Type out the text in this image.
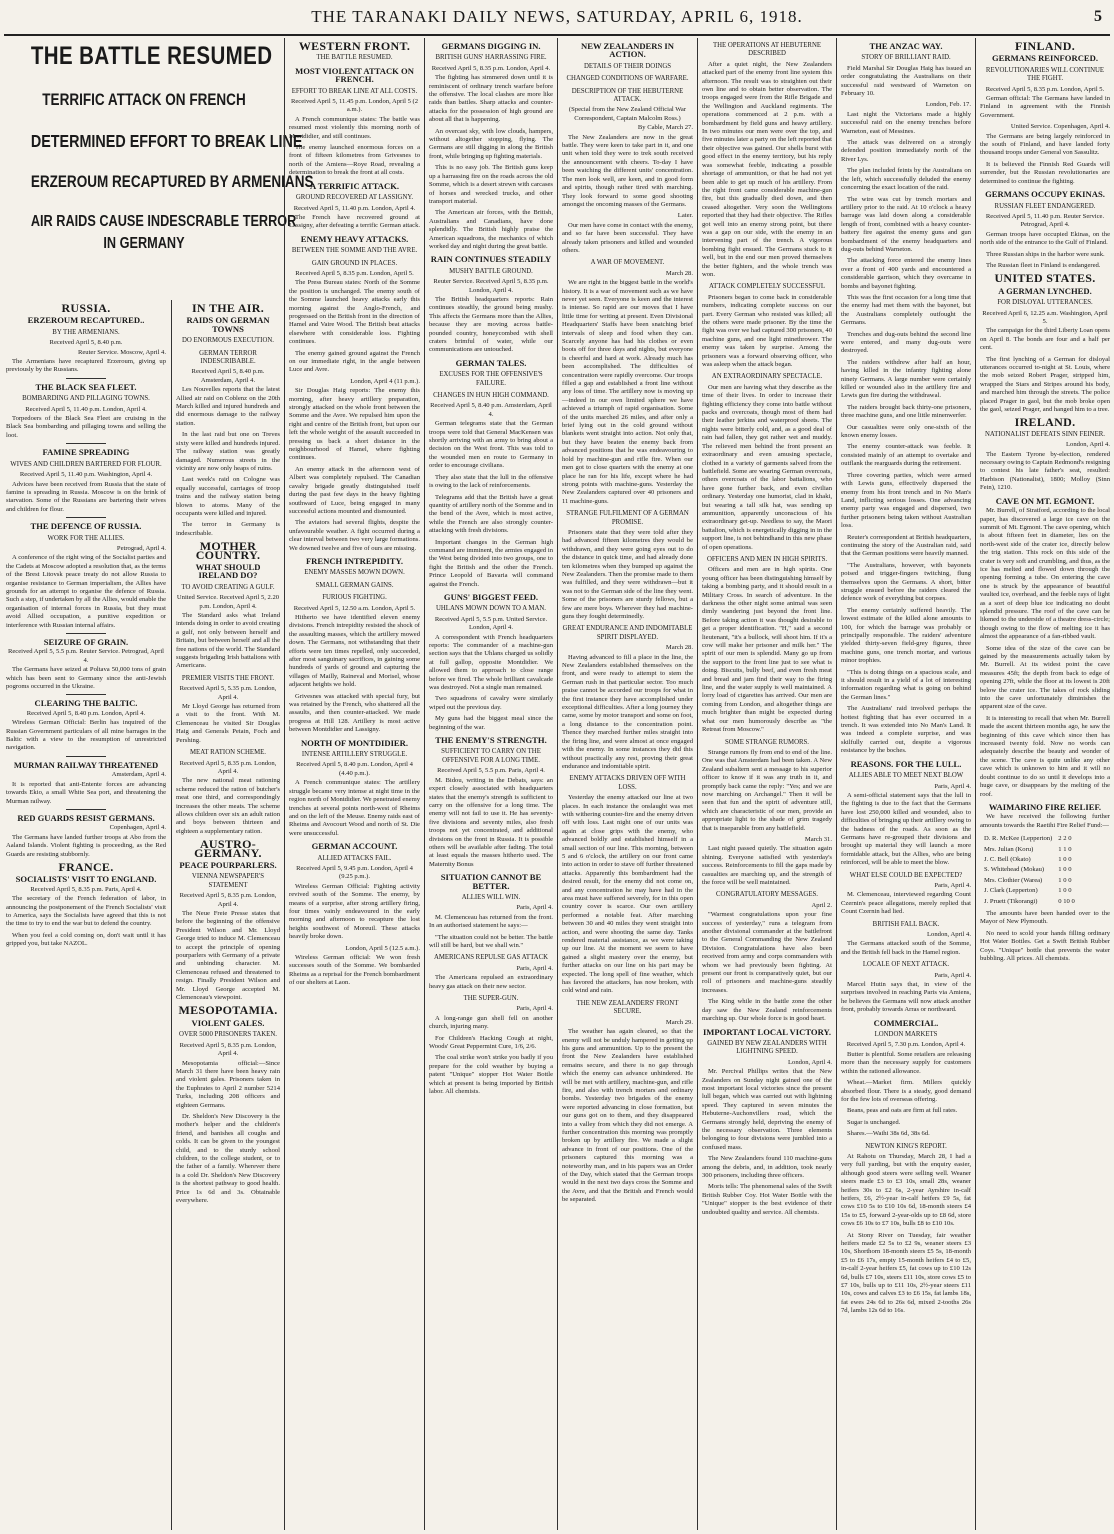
THE TARANAKI DAILY NEWS, SATURDAY, APRIL 6, 1918.	5
THE BATTLE RESUMED
TERRIFIC ATTACK ON FRENCH
DETERMINED EFFORT TO BREAK LINE
ERZEROUM RECAPTURED BY ARMENIANS
AIR RAIDS CAUSE INDESCRABLE TERROR
IN GERMANY
RUSSIA.
ERZEROUM RECAPTURED..
BY THE ARMENIANS.
Received April 5, 8.40 p.m.
Reuter Service. Moscow, April 4.

The Armenians have recaptured Erzeroum, giving up previously by the Russians.

THE BLACK SEA FLEET.
BOMBARDING AND PILLAGING TOWNS.
Received April 5, 11.40 p.m. London, April 4.

Torpedoers of the Black Sea Fleet are cruising in the Black Sea bombarding and pillaging towns and selling the loot.

FAMINE SPREADING
WIVES AND CHILDREN BARTERED FOR FLOUR.
Received April 5, 11.40 p.m. Washington, April 4.

Advices have been received from Russia that the state of famine is spreading in Russia. Moscow is on the brink of starvation. Some of the Russians are bartering their wives and children for flour.

THE DEFENCE OF RUSSIA.
WORK FOR THE ALLIES.
Petrograd, April 4.

A conference of the right wing of the Socialist parties and the Cadets at Moscow adopted a resolution that, as the terms of the Brest Litovsk peace treaty do not allow Russia to organise resistance to German imperialism, the Allies have grounds for an attempt to organise the defence of Russia. Such a step, if undertaken by all the Allies, would enable the organisation of internal forces in Russia, but they must avoid Allied occupation, a punitive expedition or interference with Russian internal affairs.

SEIZURE OF GRAIN.
Received April 5, 5.5 p.m. Reuter Service. Petrograd, April 4.

The Germans have seized at Poltava 50,000 tons of grain which has been sent to Germany since the anti-Jewish pogroms occurred in the Ukraine.

CLEARING THE BALTIC.
Received April 5, 8.40 p.m. London, April 4.

Wireless German Official: Berlin has inquired of the Russian Government particulars of all mine barrages in the Baltic with a view to the resumption of unrestricted navigation.

MURMAN RAILWAY THREATENED
Amsterdam, April 4.

It is reported that anti-Entente forces are advancing towards Ekio, a small White Sea port, and threatening the Murman railway.

RED GUARDS RESIST GERMANS.
Copenhagen, April 4.

The Germans have landed further troops at Abo from the Aaland Islands. Violent fighting is proceeding, as the Red Guards are resisting stubbornly.

FRANCE.
SOCIALISTS' VISIT TO ENGLAND.
Received April 5, 8.35 p.m. Paris, April 4.

The secretary of the French federation of labor, in announcing the postponement of the French Socialists' visit to America, says the Socialists have agreed that this is not the time to try to end the war but to defend the country.

When you feel a cold coming on, don't wait until it has gripped you, but take NAZOL.

IN THE AIR.
RAIDS ON GERMAN TOWNS
DO ENORMOUS EXECUTION.
GERMAN TERROR INDESCRIBABLE.
Received April 5, 8.40 p.m. Amsterdam, April 4.

Les Nouvelles reports that the latest Allied air raid on Coblenz on the 20th March killed and injured hundreds and did enormous damage to the railway station.

In the last raid but one on Treves sixty were killed and hundreds injured. The railway station was greatly damaged. Numerous streets in the vicinity are now only heaps of ruins.

Last week's raid on Cologne was equally successful, carriages of troop trains and the railway station being blown to atoms. Many of the occupants were killed and injured.

The terror in Germany is indescribable.

MOTHER COUNTRY.
WHAT SHOULD IRELAND DO?
TO AVOID CREATING A GULF.
United Service. Received April 5, 2.20 p.m. London, April 4.

The Standard asks what Ireland intends doing in order to avoid creating a gulf, not only between herself and Britain, but between herself and all the free nations of the world. The Standard suggests brigading Irish battalions with Americans.

PREMIER VISITS THE FRONT.
Received April 5, 5.35 p.m. London, April 4.

Mr Lloyd George has returned from a visit to the front. With M. Clemenceau he visited Sir Douglas Haig and Generals Petain, Foch and Pershing.

MEAT RATION SCHEME.
Received April 5, 8.35 p.m. London, April 4.

The new national meat rationing scheme reduced the ration of butcher's meat one third, and correspondingly increases the other meats. The scheme allows children over six an adult ration and boys between thirteen and eighteen a supplementary ration.

AUSTRO-GERMANY.
PEACE POURPARLERS.
VIENNA NEWSPAPER'S STATEMENT
Received April 5, 8.35 p.m. London, April 4.

The Neue Freie Presse states that before the beginning of the offensive President Wilson and Mr. Lloyd George tried to induce M. Clemenceau to accept the principle of opening pourparlers with Germany of a private and unbinding character. M. Clemenceau refused and threatened to resign. Finally President Wilson and Mr. Lloyd George accepted M. Clemenceau's viewpoint.

MESOPOTAMIA.
VIOLENT GALES.
OVER 5000 PRISONERS TAKEN.
Received April 5, 8.35 p.m. London, April 4.

Mesopotamia official:—Since March 31 there have been heavy rain and violent gales. Prisoners taken in the Euphrates to April 2 number 5214 Turks, including 208 officers and eighteen Germans.

Dr. Sheldon's New Discovery is the mother's helper and the children's friend, and banishes all coughs and colds. It can be given to the youngest child, and to the sturdy school children, to the college student, or to the father of a family. Wherever there is a cold Dr. Sheldon's New Discovery is the shortest pathway to good health. Price 1s 6d and 3s. Obtainable everywhere.

WESTERN FRONT.
THE BATTLE RESUMED.
MOST VIOLENT ATTACK ON FRENCH.
EFFORT TO BREAK LINE AT ALL COSTS.
Received April 5, 11.45 p.m. London, April 5 (2 a.m.).

A French communique states: The battle was resumed most violently this morning north of Montdidier, and still continues.

The enemy launched enormous forces on a front of fifteen kilometres from Grivesnes to north of the Amiens—Roye Road, revealing a determination to break the front at all costs.

A TERRIFIC ATTACK.
GROUND RECOVERED AT LASSIGNY.
Received April 5, 11.40 p.m. London, April 4.

The French have recovered ground at Lassigny, after defeating a terrific German attack.

ENEMY HEAVY ATTACKS.
BETWEEN THE SOMME AND THE AVRE.
GAIN GROUND IN PLACES.
Received April 5, 8.35 p.m. London, April 5.

The Press Bureau states: North of the Somme the position is unchanged. The enemy south of the Somme launched heavy attacks early this morning against the Anglo-French, and progressed on the British front in the direction of Hamel and Vaire Wood. The British beat attacks elsewhere with considerable loss. Fighting continues.

The enemy gained ground against the French on our immediate right, in the angle between Luce and Avre.

London, April 4 (11 p.m.).

Sir Douglas Haig reports: The enemy this morning, after heavy artillery preparation, strongly attacked on the whole front between the Somme and the Avre. We repulsed him upon the right and centre of the British front, but upon our left the whole weight of the assault succeeded in pressing us back a short distance in the neighbourhood of Hamel, where fighting continues.

An enemy attack in the afternoon west of Albert was completely repulsed. The Canadian cavalry brigade greatly distinguished itself during the past few days in the heavy fighting southward of Luce, being engaged in many successful actions mounted and dismounted.

The aviators had several flights, despite the unfavourable weather. A fight occurred during a clear interval between two very large formations. We downed twelve and five of ours are missing.

FRENCH INTREPIDITY.
ENEMY MASSES MOWN DOWN.
SMALL GERMAN GAINS.
FURIOUS FIGHTING.
Received April 5, 12.50 a.m. London, April 5.

Hitherto we have identified eleven enemy divisions. French intrepidity resisted the shock of the assaulting masses, which the artillery mowed down. The Germans, not withstanding that their efforts were ten times repelled, only succeeded, after most sanguinary sacrifices, in gaining some hundreds of yards of ground and capturing the villages of Mailly, Raineval and Morisel, whose adjacent heights we hold.

Grivesnes was attacked with special fury, but was retained by the French, who shattered all the assaults, and then counter-attacked. We made progress at Hill 128. Artillery is most active between Montdidier and Lassigny.

NORTH OF MONTDIDIER.
INTENSE ARTILLERY STRUGGLE.
Received April 5, 8.40 p.m. London, April 4 (4.40 p.m.).

A French communique states: The artillery struggle became very intense at night time in the region north of Montdidier. We penetrated enemy trenches at several points north-west of Rheims and on the left of the Meuse. Enemy raids east of Rheims and Avocourt Wood and north of St. Die were unsuccessful.

GERMAN ACCOUNT.
ALLIED ATTACKS FAIL.
Received April 5, 9.45 p.m. London, April 4 (9.25 p.m.).

Wireless German Official: Fighting activity revived south of the Somme. The enemy, by means of a surprise, after strong artillery firing, four times vainly endeavoured in the early morning and afternoon to recapture the lost heights southwest of Moreuil. These attacks heavily broke down.

London, April 5 (12.5 a.m.).

Wireless German official: We won fresh successes south of the Somme. We bombarded Rheims as a reprisal for the French bombardment of our shelters at Laon.

GERMANS DIGGING IN.
BRITISH GUNS' HARRASSING FIRE.
Received April 5, 8.35 p.m. London, April 4.

The fighting has simmered down until it is reminiscent of ordinary trench warfare before the offensive. The local clashes are more like raids than battles. Sharp attacks and counter-attacks for the possession of high ground are about all that is happening.

An overcast sky, with low clouds, hampers, without altogether stopping, flying. The Germans are still digging in along the British front, while bringing up fighting materials.

This is no easy job. The British guns keep up a harrassing fire on the roads across the old Somme, which is a desert strewn with carcases of horses and wrecked trucks, and other transport material.

The American air forces, with the British, Australians and Canadians, have done splendidly. The British highly praise the American squadrons, the mechanics of which worked day and night during the great battle.

RAIN CONTINUES STEADILY
MUSHY BATTLE GROUND.
Reuter Service. Received April 5, 8.35 p.m. London, April 4.

The British headquarters reports: Rain continues steadily, the ground being mushy. This affects the Germans more than the Allies, because they are moving across battle-pounded country, honeycombed with shell craters brimful of water, while our communications are untouched.

GERMAN TALES.
EXCUSES FOR THE OFFENSIVE'S FAILURE.
CHANGES IN HUN HIGH COMMAND.
Received April 5, 8.40 p.m. Amsterdam, April 4.

German telegrams state that the German troops were told that General MacKensen was shortly arriving with an army to bring about a decision on the West front. This was told to the wounded men en route to Germany in order to encourage civilians.

They also state that the lull in the offensive is owing to the lack of reinforcements.

Telegrams add that the British have a great quantity of artillery north of the Somme and in the bend of the Avre, which is most active, while the French are also strongly counter-attacking with fresh divisions.

Important changes in the German high command are imminent, the armies engaged in the West being divided into two groups, one to fight the British and the other the French. Prince Leopold of Bavaria will command against the French.

GUNS' BIGGEST FEED.
UHLANS MOWN DOWN TO A MAN.
Received April 5, 5.5 p.m. United Service. London, April 4.

A correspondent with French headquarters reports: The commander of a machine-gun section says that the Uhlans charged us solidly at full gallop, opposite Montdidier. We allowed them to approach to close range before we fired. The whole brilliant cavalcade was destroyed. Not a single man remained.

Two squadrons of cavalry were similarly wiped out the previous day.

My guns had the biggest meal since the beginning of the war.

THE ENEMY'S STRENGTH.
SUFFICIENT TO CARRY ON THE OFFENSIVE FOR A LONG TIME.
Received April 5, 5.5 p.m. Paris, April 4.

M. Bidou, writing in the Debats, says: an expert closely associated with headquarters states that the enemy's strength is sufficient to carry on the offensive for a long time. The enemy will not fail to use it. He has seventy-five divisions and seventy miles, also fresh troops not yet concentrated, and additional divisions on the front in Russia. It is possible others will be available after fading. The total at least equals the masses hitherto used. The Maternity Bonus

SITUATION CANNOT BE BETTER.
ALLIES WILL WIN.
Paris, April 4.

M. Clemenceau has returned from the front. In an authorised statement he says:—

"The situation could not be better. The battle will still be hard, but we shall win."

AMERICANS REPULSE GAS ATTACK
Paris, April 4.

The Americans repulsed an extraordinary heavy gas attack on their new sector.

THE SUPER-GUN.
Paris, April 4.

A long-range gun shell fell on another church, injuring many.

For Children's Hacking Cough at night, Woods' Great Peppermint Cure, 1/6, 2/6.

The coal strike won't strike you badly if you prepare for the cold weather by buying a patent "Unique" stopper Hot Water Bottle which at present is being imported by British labor. All chemists.

NEW ZEALANDERS IN ACTION.
DETAILS OF THEIR DOINGS
CHANGED CONDITIONS OF WARFARE.
DESCRIPTION OF THE HEBUTERNE ATTACK.
(Special from the New Zealand Official War Correspondent, Captain Malcolm Ross.)
By Cable, March 27.

The New Zealanders are now in the great battle. They were keen to take part in it, and one unit when told they were to trek south received the announcement with cheers. To-day I have been watching the different units' concentration. The men look well, are keen, and in good form and spirits, though rather tired with marching. They look forward to some good shooting amongst the oncoming masses of the Germans.

Later.

Our men have come in contact with the enemy, and so far have been successful. They have already taken prisoners and killed and wounded others.

A WAR OF MOVEMENT.
March 28.

We are right in the biggest battle in the world's history. It is a war of movement such as we have never yet seen. Everyone is keen and the interest is intense. So rapid are our moves that I have little time for writing at present. Even Divisional Headquarters' Staffs have been snatching brief intervals of sleep and food when they can. Scarcely anyone has had his clothes or even boots off for three days and nights, but everyone is cheerful and hard at work. Already much has been accomplished. The difficulties of concentration were rapidly overcome. Our troops filled a gap and established a front line without any loss of time. The artillery now is moving up—indeed in our own limited sphere we have achieved a triumph of rapid organisation. Some of the units marched 26 miles, and after only a brief lying out in the cold ground without blankets went straight into action. Not only that, but they have beaten the enemy back from advanced positions that he was endeavouring to hold by machine-gun and rifle fire. When our men got to close quarters with the enemy at one place he ran for his life, except where he had strong points with machine-guns. Yesterday the New Zealanders captured over 40 prisoners and 11 machine-guns.

STRANGE FULFILMENT OF A GERMAN PROMISE.

Prisoners state that they were told after they had advanced fifteen kilometres they would be withdrawn, and they were going eyes out to do the distance in quick time, and had already done ten kilometres when they bumped up against the New Zealanders. Then the promise made to them was fulfilled, and they were withdrawn—but it was not to the German side of the line they went. Some of the prisoners are sturdy fellows, but a few are mere boys. Wherever they had machine-guns they fought determinedly.

GREAT ENDURANCE AND INDOMITABLE SPIRIT DISPLAYED.
March 28.

Having advanced to fill a place in the line, the New Zealanders established themselves on the front, and were ready to attempt to stem the German rush in that particular sector. Too much praise cannot be accorded our troops for what in the first instance they have accomplished under exceptional difficulties. After a long journey they came, some by motor transport and some on foot, a long distance to the concentration point. Thence they marched further miles straight into the firing line, and were almost at once engaged with the enemy. In some instances they did this without practically any rest, proving their great endurance and indomitable spirit.

ENEMY ATTACKS DRIVEN OFF WITH LOSS.

Yesterday the enemy attacked our line at two places. In each instance the onslaught was met with withering counter-fire and the enemy driven off with loss. Last night one of our units was again at close grips with the enemy, who advanced boldly and established himself in a small section of our line. This morning, between 5 and 6 o'clock, the artillery on our front came into action in order to stave off further threatened attacks. Apparently this bombardment had the desired result, for the enemy did not come on, and any concentration he may have had in the area must have suffered severely, for in this open country cover is scarce. Our own artillery performed a notable feat. After marching between 30 and 40 miles they went straight into action, and were shooting the same day. Tanks rendered material assistance, as we were taking up our line. At the moment we seem to have gained a slight mastery over the enemy, but further attacks on our line on his part may be expected. The long spell of fine weather, which has favored the attackers, has now broken, with cold wind and rain.

THE NEW ZEALANDERS' FRONT SECURE.
March 29.

The weather has again cleared, so that the enemy will not be unduly hampered in getting up his guns and ammunition. Up to the present the front the New Zealanders have established remains secure, and there is no gap through which the enemy can advance unhindered. He will be met with artillery, machine-gun, and rifle fire, and also with trench mortars and ordinary bombs. Yesterday two brigades of the enemy were reported advancing in close formation, but our guns got on to them, and they disappeared into a valley from which they did not emerge. A further concentration this morning was promptly broken up by artillery fire. We made a slight advance in front of our positions. One of the prisoners captured this morning was a noteworthy man, and in his papers was an Order of the Day, which stated that the German troops would in the next two days cross the Somme and the Avre, and that the British and French would be separated.

THE OPERATIONS AT HEBUTERNE DESCRIBED

After a quiet night, the New Zealanders attacked part of the enemy front line system this afternoon. The result was to straighten out their own line and to obtain better observation. The troops engaged were from the Rifle Brigade and the Wellington and Auckland regiments. The operations commenced at 2 p.m. with a bombardment by field guns and heavy artillery. In two minutes our men were over the top, and five minutes later a party on the left reported that their objective was gained. Our shells burst with good effect in the enemy territory, but his reply was somewhat feeble, indicating a possible shortage of ammunition, or that he had not yet been able to get up much of his artillery. From the right front came considerable machine-gun fire, but this gradually died down, and then ceased altogether. Very soon the Wellingtons reported that they had their objective. The Rifles got well into an enemy strong point, but there was a gap on our side, with the enemy in an intervening part of the trench. A vigorous bombing fight ensued. The Germans stuck to it well, but in the end our men proved themselves the better fighters, and the whole trench was won.

ATTACK COMPLETELY SUCCESSFUL

Prisoners began to come back in considerable numbers, indicating complete success on our part. Every German who resisted was killed; all the others were made prisoner. By the time the fight was over we had captured 300 prisoners, 40 machine guns, and one light minethrower. The enemy was taken by surprise. Among the prisoners was a forward observing officer, who was asleep when the attack began.

AN EXTRAORDINARY SPECTACLE.

Our men are having what they describe as the time of their lives. In order to increase their fighting efficiency they come into battle without packs and overcoats, though most of them had their leather jerkins and waterproof sheets. The nights were bitterly cold, and, as a good deal of rain had fallen, they got rather wet and muddy. The relieved men behind the front present an extraordinary and even amusing spectacle, clothed in a variety of garments salved from the battlefield. Some are wearing German overcoats, others overcoats of the labor battalions, who have gone further back, and even civilian ordinary. Yesterday one humorist, clad in khaki, but wearing a tall silk hat, was sending up ammunition, apparently unconscious of his extraordinary get-up. Needless to say, the Maori battalion, which is energetically digging in in the support line, is not behindhand in this new phase of open operations.

OFFICERS AND MEN IN HIGH SPIRITS.

Officers and men are in high spirits. One young officer has been distinguishing himself by taking a bombing party, and it should result in a Military Cross. In search of adventure. In the darkness the other night some animal was seen dimly wandering just beyond the front line. Before taking action it was thought desirable to get a proper identification. "H," said a second lieutenant, "it's a bullock, will shoot him. If it's a cow will make her prisoner and milk her." The spirit of our men is splendid. Many go up from the support to the front line just to see what is doing. Biscuits, bully beef, and even fresh meat and bread and jam find their way to the firing line, and the water supply is well maintained. A lorry load of cigarettes has arrived. Our men are coming from London, and altogether things are much brighter than might be expected during what our men humorously describe as "the Retreat from Moscow."

SOME STRANGE RUMORS.

Strange rumors fly from end to end of the line. One was that Amsterdam had been taken. A New Zealand subaltern sent a message to his superior officer to know if it was any truth in it, and promptly back came the reply: "Yes; and we are now marching on Archangel." Then it will be seen that fun and the spirit of adventure still, which are characteristic of our men, provide an appropriate light to the shade of grim tragedy that is inseparable from any battlefield.

March 31.

Last night passed quietly. The situation again shining. Everyone satisfied with yesterday's success. Reinforcements to fill the gaps made by casualties are marching up, and the strength of the force will be well maintained.

CONGRATULATORY MESSAGES.
April 2.

"Warmest congratulations upon your fine success of yesterday," runs a telegram from another divisional commander at the battlefront to the General Commanding the New Zealand Division. Congratulations have also been received from army and corps commanders with whom we had previously been fighting. At present our front is comparatively quiet, but our roll of prisoners and machine-guns steadily increases.

The King while in the battle zone the other day saw the New Zealand reinforcements marching up. Our whole force is in good heart.

IMPORTANT LOCAL VICTORY.
GAINED BY NEW ZEALANDERS WITH LIGHTNING SPEED.
London, April 4.

Mr. Percival Phillips writes that the New Zealanders on Sunday night gained one of the most important local victories since the present lull began, which was carried out with lightning speed. They captured in seven minutes the Hebuterne-Auchonvillers road, which the Germans strongly held, depriving the enemy of the necessary observation. Three elements belonging to four divisions were jumbled into a confused mass.

The New Zealanders found 110 machine-guns among the debris, and, in addition, took nearly 300 prisoners, including three officers.

Moris tells: The phenomenal sales of the Swift British Rubber Coy. Hot Water Bottle with the "Unique" stopper is the best evidence of their undoubted quality and service. All chemists.

THE ANZAC WAY.
STORY OF BRILLIANT RAID.

Field Marshal Sir Douglas Haig has issued an order congratulating the Australians on their successful raid westward of Warneton on February 10.

London, Feb. 17.

Last night the Victorians made a highly successful raid on the enemy trenches before Warneton, east of Messines.

The attack was delivered on a strongly defended position immediately north of the River Lys.

The plan included feints by the Australians on the left, which successfully deluded the enemy concerning the exact location of the raid.

The wire was cut by trench mortars and artillery prior to the raid. At 10 o'clock a heavy barrage was laid down along a considerable length of front, combined with a heavy counter-battery fire against the enemy guns and gun bombardment of the enemy headquarters and dug-outs behind Warneton.

The attacking force entered the enemy lines over a front of 400 yards and encountered a considerable garrison, which they overcame in bombs and bayonet fighting.

This was the first occasion for a long time that the enemy had met them with the bayonet, but the Australians completely outfought the Germans.

Trenches and dug-outs behind the second line were entered, and many dug-outs were destroyed.

The raiders withdrew after half an hour, having killed in the infantry fighting alone ninety Germans. A large number were certainly killed or wounded also in the artillery fire and Lewis gun fire during the withdrawal.

The raiders brought back thirty-one prisoners, three machine guns, and one little minenwerfer.

Our casualties were only one-sixth of the known enemy losses.

The enemy counter-attack was feeble. It consisted mainly of an attempt to overtake and outflank the rearguards during the retirement.

Three covering parties, which were armed with Lewis guns, effectively dispersed the enemy from his front trench and in No Man's Land, inflicting serious losses. One advancing enemy party was engaged and dispersed, two further prisoners being taken without Australian loss.

Reuter's correspondent at British headquarters, continuing the story of the Australian raid, said that the German positions were heavily manned.

"The Australians, however, with bayonets poised and trigger-fingers twitching, flung themselves upon the Germans. A short, bitter struggle ensued before the raiders cleared the defence work of everything but corpses.

The enemy certainly suffered heavily. The lowest estimate of the killed alone amounts to 100, for which the barrage was probably or principally responsible. The raiders' adventure yielded thirty-seven field-grey figures, three machine guns, one trench mortar, and various minor trophies.

"This is doing things on a spacious scale, and it should result in a yield of a lot of interesting information regarding what is going on behind the German lines."

The Australians' raid involved perhaps the hottest fighting that has ever occurred in a trench. It was extended into No Man's Land. It was indeed a complete surprise, and was skilfully carried out, despite a vigorous resistance by the boches.

REASONS. FOR THE LULL.
ALLIES ABLE TO MEET NEXT BLOW
Paris, April 4.

A semi-official statement says that the lull in the fighting is due to the fact that the Germans have lost 250,000 killed and wounded, also to difficulties of bringing up their artillery owing to the badness of the roads. As soon as the Germans have re-grouped their divisions and brought up material they will launch a more formidable attack, but the Allies, who are being reinforced, will be able to meet the blow.

WHAT ELSE COULD BE EXPECTED?
Paris, April 4.

M. Clemenceau, interviewed regarding Count Czernin's peace allegations, merely replied that Count Czernin had lied.

BRITISH FALL BACK.
London, April 4.

The Germans attacked south of the Somme, and the British fell back in the Hamel region.

LOCALE OF NEXT ATTACK.
Paris, April 4.

Marcel Hutin says that, in view of the surprises involved in reaching Paris via Amiens, he believes the Germans will now attack another front, probably towards Arras or northward.

COMMERCIAL.
LONDON MARKETS
Received April 5, 7.30 p.m. London, April 4.

Butter is plentiful. Some retailers are releasing more than the necessary supply for customers within the rationed allowance.

Wheat.—Market firm. Millers quickly absorbed flour. There is a steady, good demand for the few lots of overseas offering.

Beans, peas and oats are firm at full rates.

Sugar is unchanged.

Shares.—Waihi 38s 6d, 38s 6d.

NEWTON KING'S REPORT.

At Rahotu on Thursday, March 28, I had a very full yarding, but with the enquiry easier, although good steers were selling well. Weaner steers made £3 to £3 10s, small 28s, weaner heifers 30s to £2 6s, 2-year Ayrshire in-calf heifers, £6, 2½-year in-calf heifers £9 5s, fat cows £10 5s to £10 10s 6d, 18-month steers £4 15s to £5, forward 2-year-olds up to £8 6d, store cows £6 10s to £7 10s, bulls £8 to £10 10s.

At Stony River on Tuesday, fair weather heifers made £2 5s to £2 9s, weaner steers £3 10s, Shorthorn 18-month steers £5 5s, 18-month £5 to £6 17s, empty 15-month heifers £4 to £5, in-calf 2-year heifers £5, fat cows up to £10 12s 6d, bulls £7 10s, steers £11 10s, store cows £5 to £7 10s, bulls up to £11 10s, 2½-year steers £11 10s, cows and calves £3 to £6 15s, fat lambs 18s, fat ewes 24s 6d to 26s 6d, mixed 2-tooths 26s 7d, lambs 12s 6d to 16s.

FINLAND.
GERMANS REINFORCED.
REVOLUTIONARIES WILL CONTINUE THE FIGHT.
Received April 5, 8.35 p.m. London, April 5.

German official: The Germans have landed in Finland in agreement with the Finnish Government.

United Service. Copenhagen, April 4.

The Germans are being largely reinforced in the south of Finland, and have landed forty thousand troops under General von Sassulitz.

It is believed the Finnish Red Guards will surrender, but the Russian revolutionaries are determined to continue the fighting.

GERMANS OCCUPY EKINAS.
RUSSIAN FLEET ENDANGERED.
Received April 5, 11.40 p.m. Reuter Service. Petrograd, April 4.

German troops have occupied Ekinas, on the north side of the entrance to the Gulf of Finland.

Three Russian ships in the harbor were sunk.

The Russian fleet in Finland is endangered.

UNITED STATES.
A GERMAN LYNCHED.
FOR DISLOYAL UTTERANCES.
Received April 6, 12.25 a.m. Washington, April 5.

The campaign for the third Liberty Loan opens on April 8. The bonds are four and a half per cent.

The first lynching of a German for disloyal utterances occurred to-night at St. Louis, where the mob seized Robert Prager, stripped him, wrapped the Stars and Stripes around his body, and marched him through the streets. The police placed Prager in gaol, but the mob broke open the gaol, seized Prager, and hanged him to a tree.

IRELAND.
NATIONALIST DEFEATS SINN FEINER.
London, April 4.

The Eastern Tyrone by-election, rendered necessary owing to Captain Redmond's resigning to contest his late father's seat, resulted: Harbison (Nationalist), 1800; Molloy (Sinn Fein), 1210.

CAVE ON MT. EGMONT.

Mr. Burrell, of Stratford, according to the local paper, has discovered a large ice cave on the summit of Mt. Egmont. The cave opening, which is about fifteen feet in diameter, lies on the north-west side of the crater ice, directly below the trig station. This rock on this side of the crater is very soft and crumbling, and thus, as the ice has melted and flowed down through the opening forming a tube. On entering the cave one is struck by the appearance of beautiful vaulted ice, overhead, and the feeble rays of light as a sort of deep blue ice indicating no doubt splendid pressure. The roof of the cave can be likened to the underside of a theatre dress-circle; though owing to the flow of melting ice it has almost the appearance of a fan-ribbed vault.

Some idea of the size of the cave can be gained by the measurements actually taken by Mr. Burrell. At its widest point the cave measures 45ft; the depth from back to edge of opening 27ft, while the floor at its lowest is 20ft below the crater ice. The takes of rock sliding into the cave unfortunately diminishes the apparent size of the cave.

It is interesting to recall that when Mr. Burrell made the ascent thirteen months ago, he saw the beginning of this cave which since then has increased twenty fold. Now no words can adequately describe the beauty and wonder of the scene. The cave is quite unlike any other cave which is unknown to him and it will no doubt continue to do so until it develops into a huge cave, or disappears by the melting of the roof.

WAIMARINO FIRE RELIEF.

We have received the following further amounts towards the Raetihi Fire Relief Fund:—

D. R. McKee (Lepperton)	2 2 0
Mrs. Julian (Koru)	1 1 0
J. C. Bell (Okato)	1 0 0
S. Whitehead (Mokau)	1 0 0
Mrs. Clothier (Warea)	1 0 0
J. Clark (Lepperton)	1 0 0
J. Pruett (Tikorangi)	0 10 0

The amounts have been handed over to the Mayor of New Plymouth.

No need to scold your hands filling ordinary Hot Water Bottles. Get a Swift British Rubber Coys. "Unique" bottle that prevents the water bubbling. All prices. All chemists.
